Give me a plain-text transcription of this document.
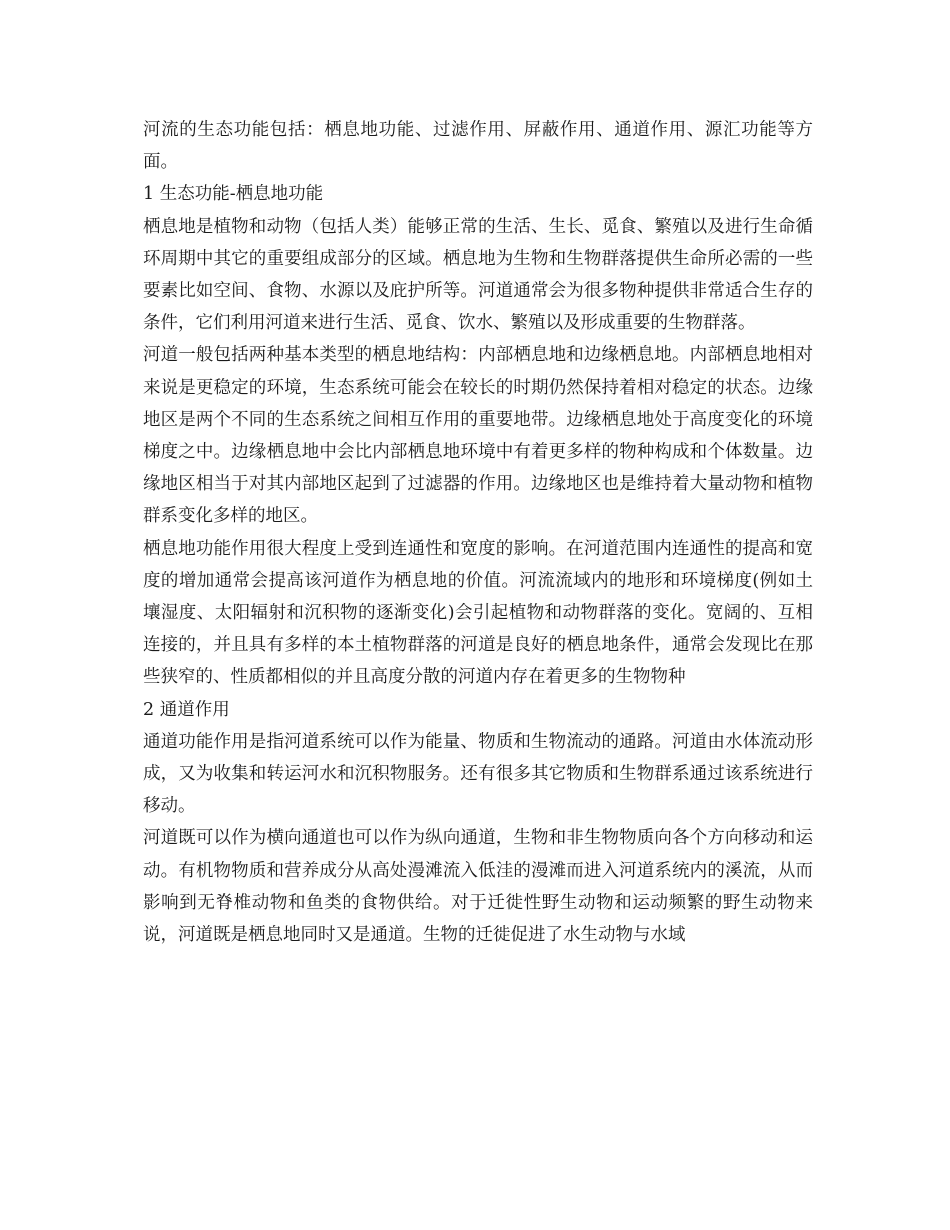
河流的生态功能包括：栖息地功能、过滤作用、屏蔽作用、通道作用、源汇功能等方面。

1 生态功能-栖息地功能

栖息地是植物和动物（包括人类）能够正常的生活、生长、觅食、繁殖以及进行生命循环周期中其它的重要组成部分的区域。栖息地为生物和生物群落提供生命所必需的一些要素比如空间、食物、水源以及庇护所等。河道通常会为很多物种提供非常适合生存的条件，它们利用河道来进行生活、觅食、饮水、繁殖以及形成重要的生物群落。

河道一般包括两种基本类型的栖息地结构：内部栖息地和边缘栖息地。内部栖息地相对来说是更稳定的环境，生态系统可能会在较长的时期仍然保持着相对稳定的状态。边缘地区是两个不同的生态系统之间相互作用的重要地带。边缘栖息地处于高度变化的环境梯度之中。边缘栖息地中会比内部栖息地环境中有着更多样的物种构成和个体数量。边缘地区相当于对其内部地区起到了过滤器的作用。边缘地区也是维持着大量动物和植物群系变化多样的地区。

栖息地功能作用很大程度上受到连通性和宽度的影响。在河道范围内连通性的提高和宽度的增加通常会提高该河道作为栖息地的价值。河流流域内的地形和环境梯度(例如土壤湿度、太阳辐射和沉积物的逐渐变化)会引起植物和动物群落的变化。宽阔的、互相连接的，并且具有多样的本土植物群落的河道是良好的栖息地条件，通常会发现比在那些狭窄的、性质都相似的并且高度分散的河道内存在着更多的生物物种

2 通道作用

通道功能作用是指河道系统可以作为能量、物质和生物流动的通路。河道由水体流动形成，又为收集和转运河水和沉积物服务。还有很多其它物质和生物群系通过该系统进行移动。

河道既可以作为横向通道也可以作为纵向通道，生物和非生物物质向各个方向移动和运动。有机物物质和营养成分从高处漫滩流入低洼的漫滩而进入河道系统内的溪流，从而影响到无脊椎动物和鱼类的食物供给。对于迁徙性野生动物和运动频繁的野生动物来说，河道既是栖息地同时又是通道。生物的迁徙促进了水生动物与水域
